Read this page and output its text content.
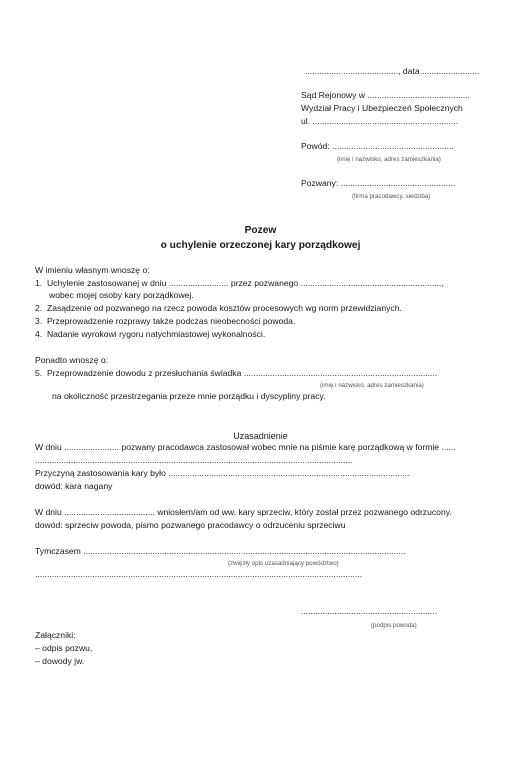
......................................., data ........................
Sąd Rejonowy w ...........................................
Wydział Pracy i Ubezpieczeń Społecznych
ul. .............................................................
Powód: ...................................................
(imię i nazwisko, adres zamieszkania)
Pozwany: ................................................
(firma pracodawcy, siedziba)
Pozew
o uchylenie orzeczonej kary porządkowej
W imieniu własnym wnoszę o:
1.  Uchylenie zastosowanej w dniu ......................... przez pozwanego ...........................................................,
wobec mojej osoby kary porządkowej.
2.  Zasądzenie od pozwanego na rzecz powoda kosztów procesowych wg norm przewidzianych.
3.  Przeprowadzenie rozprawy także podczas nieobecności powoda.
4.  Nadanie wyrokowi rygoru natychmiastowej wykonalności.
Ponadto wnoszę o:
5.  Przeprowadzenie dowodu z przesłuchania świadka .................................................................................
(imię i nazwisko, adres zamieszkania)
na okoliczność przestrzegania przeze mnie porządku i dyscypliny pracy.
Uzasadnienie
W dniu ....................... pozwany pracodawca zastosował wobec mnie na piśmie karę porządkową w formie ......
.....................................................................................................................................
Przyczyną zastosowania kary było .....................................................................................................
dowód: kara nagany
W dniu ...................................... wniosłem/am od ww. kary sprzeciw, który został przez pozwanego odrzucony.
dowód: sprzeciw powoda, pismo pozwanego pracodawcy o odrzuceniu sprzeciwu
Tymczasem .......................................................................................................................................
(zwięzły opis uzasadniający powództwo)
.........................................................................................................................................
.........................................................
(podpis powoda)
Załączniki:
– odpis pozwu,
– dowody jw.
